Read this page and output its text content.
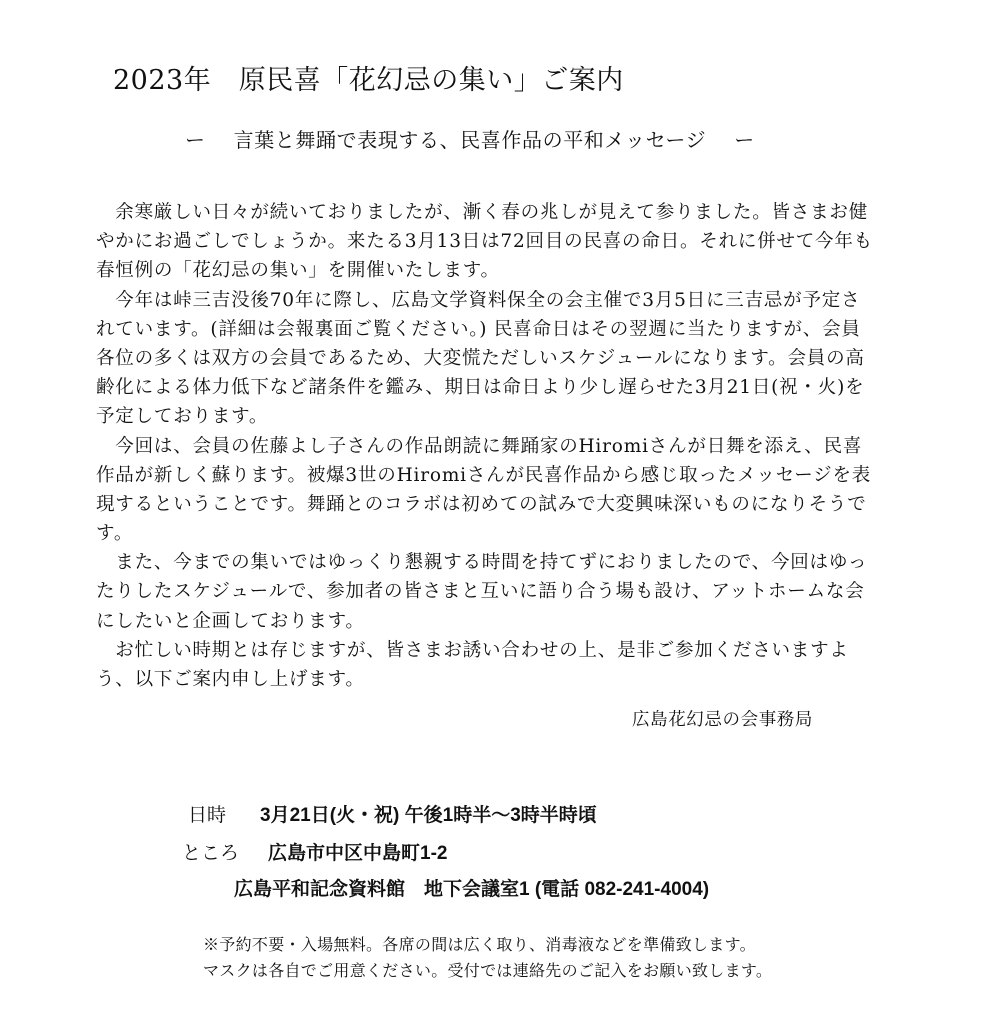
2023年　原民喜「花幻忌の集い」ご案内
ー 言葉と舞踊で表現する、民喜作品の平和メッセージ ー
　余寒厳しい日々が続いておりましたが、漸く春の兆しが見えて参りました。皆さまお健
やかにお過ごしでしょうか。来たる3月13日は72回目の民喜の命日。それに併せて今年も
春恒例の「花幻忌の集い」を開催いたします。
　今年は峠三吉没後70年に際し、広島文学資料保全の会主催で3月5日に三吉忌が予定さ
れています。(詳細は会報裏面ご覧ください。) 民喜命日はその翌週に当たりますが、会員
各位の多くは双方の会員であるため、大変慌ただしいスケジュールになります。会員の高
齢化による体力低下など諸条件を鑑み、期日は命日より少し遅らせた3月21日(祝・火)を
予定しております。
　今回は、会員の佐藤よし子さんの作品朗読に舞踊家のHiromiさんが日舞を添え、民喜
作品が新しく蘇ります。被爆3世のHiromiさんが民喜作品から感じ取ったメッセージを表
現するということです。舞踊とのコラボは初めての試みで大変興味深いものになりそうで
す。
　また、今までの集いではゆっくり懇親する時間を持てずにおりましたので、今回はゆっ
たりしたスケジュールで、参加者の皆さまと互いに語り合う場も設け、アットホームな会
にしたいと企画しております。
　お忙しい時期とは存じますが、皆さまお誘い合わせの上、是非ご参加くださいますよ
う、以下ご案内申し上げます。
広島花幻忌の会事務局
日時 3月21日(火・祝) 午後1時半〜3時半時頃
ところ 広島市中区中島町1-2
広島平和記念資料館　地下会議室1 (電話 082-241-4004)
※予約不要・入場無料。各席の間は広く取り、消毒液などを準備致します。
マスクは各自でご用意ください。受付では連絡先のご記入をお願い致します。
